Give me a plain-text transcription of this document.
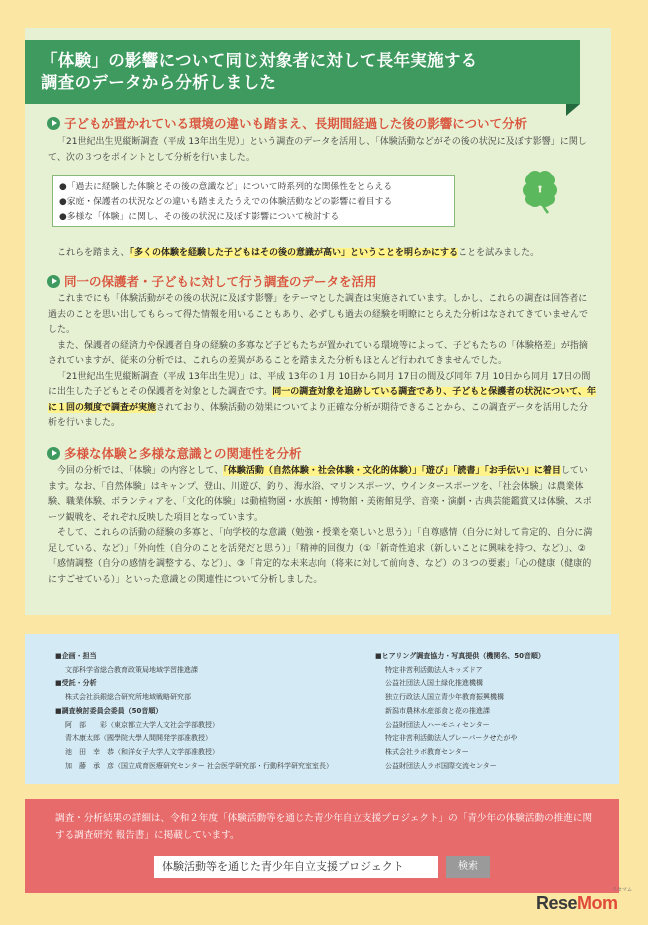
「体験」の影響について同じ対象者に対して長年実施する
調査のデータから分析しました
子どもが置かれている環境の違いも踏まえ、長期間経過した後の影響について分析

「21世紀出生児縦断調査（平成 13年出生児）」という調査のデータを活用し、「体験活動などがその後の状況に及ぼす影響」に関して、次の３つをポイントとして分析を行いました。

●「過去に経験した体験とその後の意識など」について時系列的な関係性をとらえる
●家庭・保護者の状況などの違いも踏まえたうえでの体験活動などの影響に着目する
●多様な「体験」に関し、その後の状況に及ぼす影響について検討する

これらを踏まえ、「多くの体験を経験した子どもはその後の意識が高い」ということを明らかにすることを試みました。

同一の保護者・子どもに対して行う調査のデータを活用

これまでにも「体験活動がその後の状況に及ぼす影響」をテーマとした調査は実施されています。しかし、これらの調査は回答者に過去のことを思い出してもらって得た情報を用いることもあり、必ずしも過去の経験を明瞭にとらえた分析はなされてきていませんでした。

また、保護者の経済力や保護者自身の経験の多寡など子どもたちが置かれている環境等によって、子どもたちの「体験格差」が指摘されていますが、従来の分析では、これらの差異があることを踏まえた分析もほとんど行われてきませんでした。

「21世紀出生児縦断調査（平成 13年出生児）」は、平成 13年の１月 10日から同月 17日の間及び同年 7月 10日から同月 17日の間に出生した子どもとその保護者を対象とした調査です。同一の調査対象を追跡している調査であり、子どもと保護者の状況について、年に１回の頻度で調査が実施されており、体験活動の効果についてより正確な分析が期待できることから、この調査データを活用した分析を行いました。

多様な体験と多様な意識との関連性を分析

今回の分析では、「体験」の内容として、「体験活動（自然体験・社会体験・文化的体験）」「遊び」「読書」「お手伝い」に着目しています。なお、「自然体験」はキャンプ、登山、川遊び、釣り、海水浴、マリンスポーツ、ウインタースポーツを、「社会体験」は農業体験、職業体験、ボランティアを、「文化的体験」は動植物園・水族館・博物館・美術館見学、音楽・演劇・古典芸能鑑賞又は体験、スポーツ観戦を、それぞれ反映した項目となっています。

そして、これらの活動の経験の多寡と、「向学校的な意識（勉強・授業を楽しいと思う）」「自尊感情（自分に対して肯定的、自分に満足している、など）」「外向性（自分のことを活発だと思う）」「精神的回復力（①「新奇性追求（新しいことに興味を持つ、など）」、②「感情調整（自分の感情を調整する、など）」、③「肯定的な未来志向（将来に対して前向き、など）の３つの要素」「心の健康（健康的にすごせている）」といった意識との関連性について分析しました。

■企画・担当
文部科学省総合教育政策局地域学習推進課
■受託・分析
株式会社浜銀総合研究所地域戦略研究部
■調査検討委員会委員（50音順）
阿　部　　彩（東京都立大学人文社会学部教授）
青木康太郎（國學院大學人間開発学部准教授）
池　田　幸　恭（和洋女子大学人文学部准教授）
加　藤　承　彦（国立成育医療研究センター 社会医学研究部・行動科学研究室室長）
■ヒアリング調査協力・写真提供（機関名、50音順）
特定非営利活動法人キッズドア
公益社団法人国土緑化推進機構
独立行政法人国立青少年教育振興機構
新潟市農林水産部食と花の推進課
公益財団法人ハーモニィセンター
特定非営利活動法人プレーパークせたがや
株式会社ラボ教育センター
公益財団法人ラボ国際交流センター
調査・分析結果の詳細は、令和２年度「体験活動等を通じた青少年自立支援プロジェクト」の「青少年の体験活動の推進に関する調査研究 報告書」に掲載しています。
体験活動等を通じた青少年自立支援プロジェクト	検索
ReseMom
リセマム
